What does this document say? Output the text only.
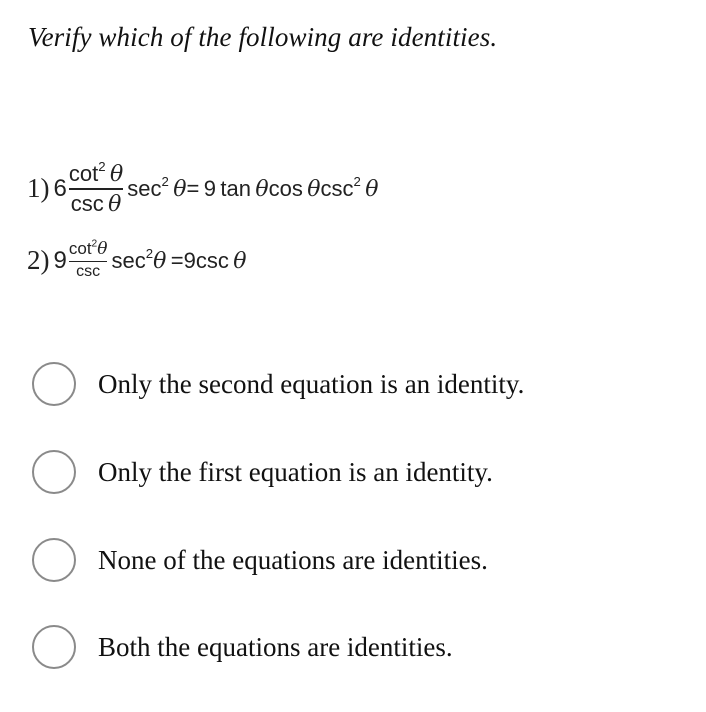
Verify which of the following are identities.
1) $6 \frac{\cot^2 \theta}{\text{csc  θ}} \sec^2 \theta= 9$  tan  θcos  θcsc$^2$  θ
2) $9 \frac{\cot^2\theta}{\csc} \sec^2\theta =9\csc$  θ
Only the second equation is an identity.
Only the first equation is an identity.
None of the equations are identities.
Both the equations are identities.
